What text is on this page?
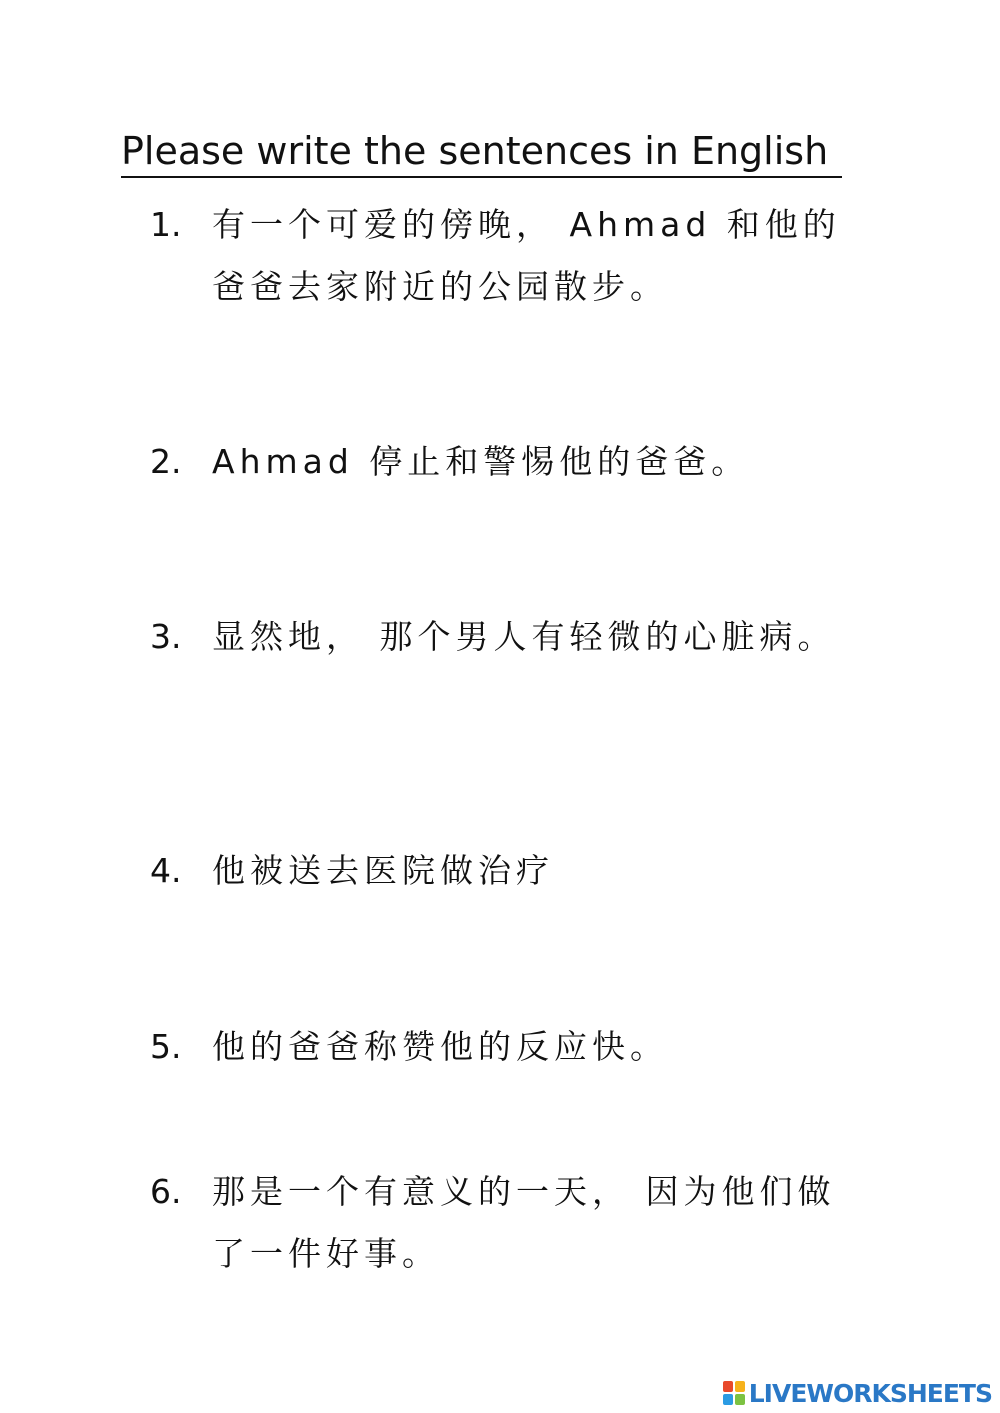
Please write the sentences in English
1. 有一个可爱的傍晚， Ahmad 和他的爸爸去家附近的公园散步。
2. Ahmad 停止和警惕他的爸爸。
3. 显然地， 那个男人有轻微的心脏病。
4. 他被送去医院做治疗
5. 他的爸爸称赞他的反应快。
6. 那是一个有意义的一天， 因为他们做了一件好事。
LIVEWORKSHEETS
